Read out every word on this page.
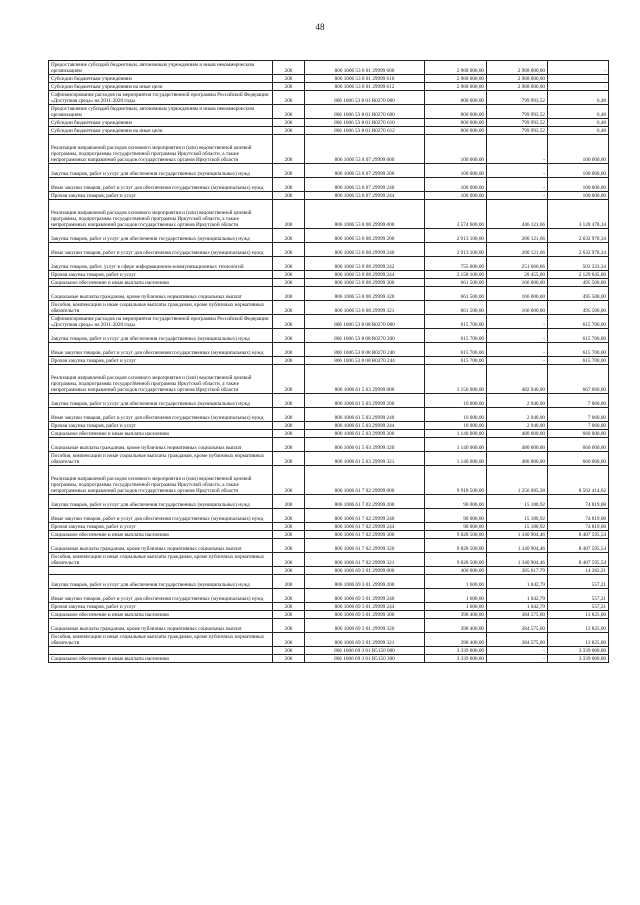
48
Предоставление субсидий бюджетным, автономным учреждениям и иным некоммерческим организациям	200	806 1006 53 8 01 29999 600	2 968 000,00	2 968 000,00	-
Субсидии бюджетным учреждениям	200	806 1006 53 8 01 29999 610	2 968 000,00	2 968 000,00	-
Субсидии бюджетным учреждениям на иные цели	200	806 1006 53 8 01 29999 612	2 968 000,00	2 968 000,00	-
Софинансирование расходов на мероприятия государственной программы Российской Федерации «Доступная среда» на 2011-2020 годы	200	806 1006 53 8 01 R0270 000	800 000,00	799 993,52	6,48
Предоставление субсидий бюджетным, автономным учреждениям и иным некоммерческим организациям	200	806 1006 53 8 01 R0270 600	800 000,00	799 993,52	6,48
Субсидии бюджетным учреждениям	200	806 1006 53 8 01 R0270 610	800 000,00	799 993,52	6,48
Субсидии бюджетным учреждениям на иные цели	200	806 1006 53 8 01 R0270 612	800 000,00	799 993,52	6,48
Реализация направлений расходов основного мероприятия и (или) ведомственной целевой программы, подпрограммы государственной программы Иркутской области, а также непрограммных направлений расходов государственных органов Иркутской области	200	806 1006 53 8 07 29999 000	100 000,00	-	100 000,00
Закупка товаров, работ и услуг для обеспечения государственных (муниципальных) нужд	200	806 1006 53 8 07 29999 200	100 000,00	-	100 000,00
Иные закупки товаров, работ и услуг для обеспечения государственных (муниципальных) нужд	200	806 1006 53 8 07 29999 240	100 000,00	-	100 000,00
Прочая закупка товаров, работ и услуг	200	806 1006 53 8 07 29999 244	100 000,00	-	100 000,00
Реализация направлений расходов основного мероприятия и (или) ведомственной целевой программы, подпрограммы государственной программы Иркутской области, а также непрограммных направлений расходов государственных органов Иркутской области	200	806 1006 53 8 08 29999 000	3 574 600,00	446 121,66	3 128 478,34
Закупка товаров, работ и услуг для обеспечения государственных (муниципальных) нужд	200	806 1006 53 8 08 29999 200	2 913 100,00	280 121,66	2 632 978,34
Иные закупки товаров, работ и услуг для обеспечения государственных (муниципальных) нужд	200	806 1006 53 8 08 29999 240	2 913 100,00	280 121,66	2 632 978,34
Закупка товаров, работ, услуг в сфере информационно-коммуникационных технологий	200	806 1006 53 8 08 29999 242	755 000,00	251 666,66	503 333,34
Прочая закупка товаров, работ и услуг	200	806 1006 53 8 08 29999 244	2 158 100,00	28 455,00	2 129 645,00
Социальное обеспечение и иные выплаты населению	200	806 1006 53 8 08 29999 300	661 500,00	166 000,00	495 500,00
Социальные выплаты гражданам, кроме публичных нормативных социальных выплат	200	806 1006 53 8 08 29999 320	661 500,00	166 000,00	495 500,00
Пособия, компенсации и иные социальные выплаты гражданам, кроме публичных нормативных обязательств	200	806 1006 53 8 08 29999 321	661 500,00	166 000,00	495 500,00
Софинансирование расходов на мероприятия государственной программы Российской Федерации «Доступная среда» на 2011-2020 годы	200	806 1006 53 8 08 R0270 000	615 700,00	-	615 700,00
Закупка товаров, работ и услуг для обеспечения государственных (муниципальных) нужд	200	806 1006 53 8 08 R0270 200	615 700,00	-	615 700,00
Иные закупки товаров, работ и услуг для обеспечения государственных (муниципальных) нужд	200	806 1006 53 8 08 R0270 240	615 700,00	-	615 700,00
Прочая закупка товаров, работ и услуг	200	806 1006 53 8 08 R0270 244	615 700,00	-	615 700,00
Реализация направлений расходов основного мероприятия и (или) ведомственной целевой программы, подпрограммы государственной программы Иркутской области, а также непрограммных направлений расходов государственных органов Иркутской области	200	806 1006 61 5 03 29999 000	1 150 000,00	482 940,00	667 060,00
Закупка товаров, работ и услуг для обеспечения государственных (муниципальных) нужд	200	806 1006 61 5 03 29999 200	10 000,00	2 940,00	7 060,00
Иные закупки товаров, работ и услуг для обеспечения государственных (муниципальных) нужд	200	806 1006 61 5 03 29999 240	10 000,00	2 940,00	7 060,00
Прочая закупка товаров, работ и услуг	200	806 1006 61 5 03 29999 244	10 000,00	2 940,00	7 060,00
Социальное обеспечение и иные выплаты населению	200	806 1006 61 5 03 29999 300	1 140 000,00	480 000,00	660 000,00
Социальные выплаты гражданам, кроме публичных нормативных социальных выплат	200	806 1006 61 5 03 29999 320	1 140 000,00	480 000,00	660 000,00
Пособия, компенсации и иные социальные выплаты гражданам, кроме публичных нормативных обязательств	200	806 1006 61 5 03 29999 321	1 140 000,00	480 000,00	660 000,00
Реализация направлений расходов основного мероприятия и (или) ведомственной целевой программы, подпрограммы государственной программы Иркутской области, а также непрограммных направлений расходов государственных органов Иркутской области	200	806 1006 61 7 02 29999 000	9 918 500,00	1 356 085,38	8 562 414,62
Закупка товаров, работ и услуг для обеспечения государственных (муниципальных) нужд	200	806 1006 61 7 02 29999 200	90 000,00	15 180,92	74 819,08
Иные закупки товаров, работ и услуг для обеспечения государственных (муниципальных) нужд	200	806 1006 61 7 02 29999 240	90 000,00	15 180,92	74 819,08
Прочая закупка товаров, работ и услуг	200	806 1006 61 7 02 29999 244	90 000,00	15 180,92	74 819,08
Социальное обеспечение и иные выплаты населению	200	806 1006 61 7 02 29999 300	9 828 500,00	1 340 904,46	8 487 595,54
Социальные выплаты гражданам, кроме публичных нормативных социальных выплат	200	806 1006 61 7 02 29999 320	9 828 500,00	1 340 904,46	8 487 595,54
Пособия, компенсации и иные социальные выплаты гражданам, кроме публичных нормативных обязательств	200	806 1006 61 7 02 29999 321	9 828 500,00	1 340 904,46	8 487 595,54
	200	806 1006 69 3 01 29999 000	400 000,00	385 617,79	14 382,21
Закупка товаров, работ и услуг для обеспечения государственных (муниципальных) нужд	200	806 1006 69 3 01 29999 200	1 600,00	1 042,79	557,21
Иные закупки товаров, работ и услуг для обеспечения государственных (муниципальных) нужд	200	806 1006 69 3 01 29999 240	1 600,00	1 042,79	557,21
Прочая закупка товаров, работ и услуг	200	806 1006 69 3 01 29999 244	1 600,00	1 042,79	557,21
Социальное обеспечение и иные выплаты населению	200	806 1006 69 3 01 29999 300	398 400,00	384 575,00	13 825,00
Социальные выплаты гражданам, кроме публичных нормативных социальных выплат	200	806 1006 69 3 01 29999 320	398 400,00	384 575,00	13 825,00
Пособия, компенсации и иные социальные выплаты гражданам, кроме публичных нормативных обязательств	200	806 1006 69 3 01 29999 321	398 400,00	384 575,00	13 825,00
	200	806 1006 69 3 01 R5150 000	3 339 000,00	-	3 339 000,00
Социальное обеспечение и иные выплаты населению	200	806 1006 69 3 01 R5150 300	3 339 000,00	-	3 339 000,00
